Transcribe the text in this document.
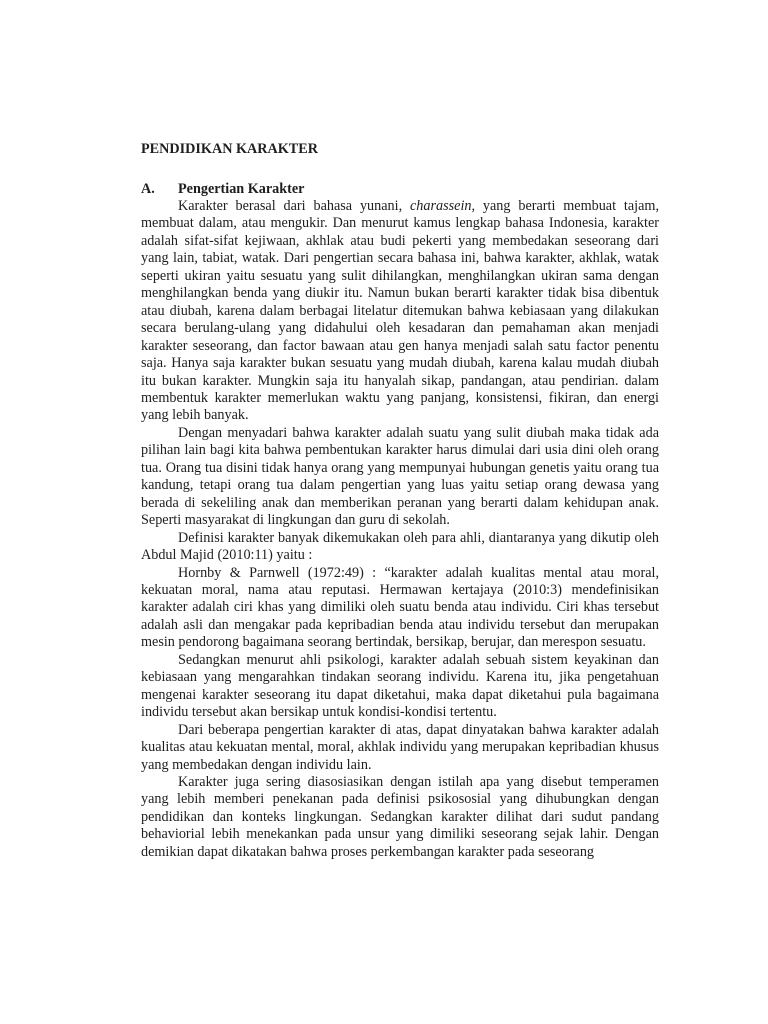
PENDIDIKAN KARAKTER

A. Pengertian Karakter

Karakter berasal dari bahasa yunani, charassein, yang berarti membuat tajam, membuat dalam, atau mengukir. Dan menurut kamus lengkap bahasa Indonesia, karakter adalah sifat-sifat kejiwaan, akhlak atau budi pekerti yang membedakan seseorang dari yang lain, tabiat, watak. Dari pengertian secara bahasa ini, bahwa karakter, akhlak, watak seperti ukiran yaitu sesuatu yang sulit dihilangkan, menghilangkan ukiran sama dengan menghilangkan benda yang diukir itu. Namun bukan berarti karakter tidak bisa dibentuk atau diubah, karena dalam berbagai litelatur ditemukan bahwa kebiasaan yang dilakukan secara berulang-ulang yang didahului oleh kesadaran dan pemahaman akan menjadi karakter seseorang, dan factor bawaan atau gen hanya menjadi salah satu factor penentu saja. Hanya saja karakter bukan sesuatu yang mudah diubah, karena kalau mudah diubah itu bukan karakter. Mungkin saja itu hanyalah sikap, pandangan, atau pendirian. dalam membentuk karakter memerlukan waktu yang panjang, konsistensi, fikiran, dan energi yang lebih banyak.

Dengan menyadari bahwa karakter adalah suatu yang sulit diubah maka tidak ada pilihan lain bagi kita bahwa pembentukan karakter harus dimulai dari usia dini oleh orang tua. Orang tua disini tidak hanya orang yang mempunyai hubungan genetis yaitu orang tua kandung, tetapi orang tua dalam pengertian yang luas yaitu setiap orang dewasa yang berada di sekeliling anak dan memberikan peranan yang berarti dalam kehidupan anak. Seperti masyarakat di lingkungan dan guru di sekolah.

Definisi karakter banyak dikemukakan oleh para ahli, diantaranya yang dikutip oleh Abdul Majid (2010:11) yaitu :

Hornby & Parnwell (1972:49) : “karakter adalah kualitas mental atau moral, kekuatan moral, nama atau reputasi. Hermawan kertajaya (2010:3) mendefinisikan karakter adalah ciri khas yang dimiliki oleh suatu benda atau individu. Ciri khas tersebut adalah asli dan mengakar pada kepribadian benda atau individu tersebut dan merupakan mesin pendorong bagaimana seorang bertindak, bersikap, berujar, dan merespon sesuatu.

Sedangkan menurut ahli psikologi, karakter adalah sebuah sistem keyakinan dan kebiasaan yang mengarahkan tindakan seorang individu. Karena itu, jika pengetahuan mengenai karakter seseorang itu dapat diketahui, maka dapat diketahui pula bagaimana individu tersebut akan bersikap untuk kondisi-kondisi tertentu.

Dari beberapa pengertian karakter di atas, dapat dinyatakan bahwa karakter adalah kualitas atau kekuatan mental, moral, akhlak individu yang merupakan kepribadian khusus yang membedakan dengan individu lain.

Karakter juga sering diasosiasikan dengan istilah apa yang disebut temperamen yang lebih memberi penekanan pada definisi psikososial yang dihubungkan dengan pendidikan dan konteks lingkungan. Sedangkan karakter dilihat dari sudut pandang behaviorial lebih menekankan pada unsur yang dimiliki seseorang sejak lahir. Dengan demikian dapat dikatakan bahwa proses perkembangan karakter pada seseorang
